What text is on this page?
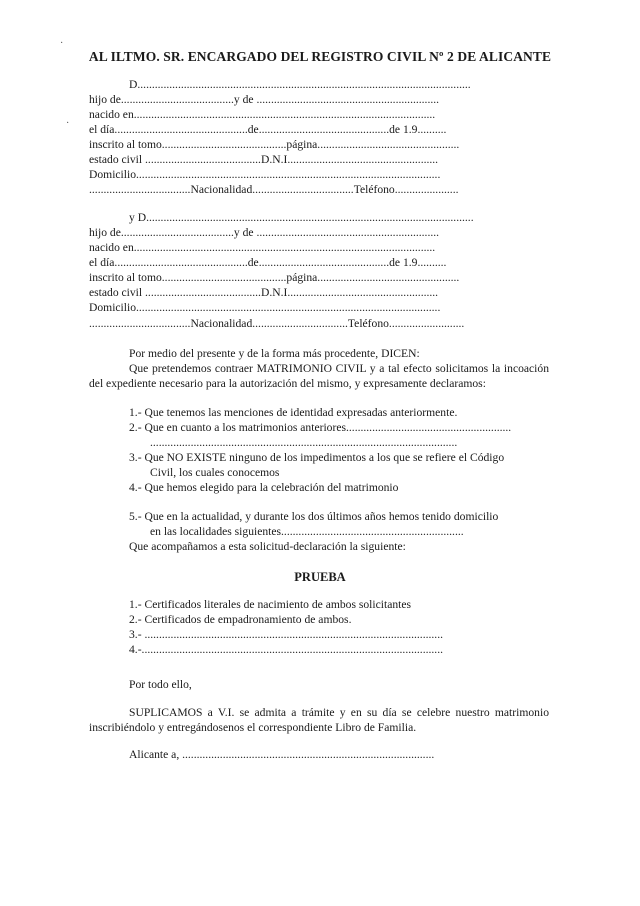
·
·
AL ILTMO. SR. ENCARGADO DEL REGISTRO CIVIL Nº 2 DE ALICANTE
D...................................................................................................................
hijo de.......................................y de ...............................................................
nacido en........................................................................................................
el día..............................................de.............................................de 1.9..........
inscrito al tomo...........................................página.................................................
estado civil ........................................D.N.I....................................................
Domicilio.........................................................................................................
...................................Nacionalidad...................................Teléfono......................
y D.................................................................................................................
hijo de.......................................y de ...............................................................
nacido en........................................................................................................
el día..............................................de.............................................de 1.9..........
inscrito al tomo...........................................página.................................................
estado civil ........................................D.N.I....................................................
Domicilio.........................................................................................................
...................................Nacionalidad.................................Teléfono..........................
Por medio del presente y de la forma más procedente, DICEN:
Que pretendemos contraer MATRIMONIO CIVIL y a tal efecto solicitamos la incoación del expediente necesario para la autorización del mismo, y expresamente declaramos:
1.- Que tenemos las menciones de identidad expresadas anteriormente.
2.- Que en cuanto a los matrimonios anteriores.........................................................
..........................................................................................................
3.- Que NO EXISTE ninguno de los impedimentos a los que se refiere el Código
Civil, los cuales conocemos
4.- Que hemos elegido para la celebración del matrimonio
5.- Que en la actualidad, y durante los dos últimos años hemos tenido domicilio
en las localidades siguientes...............................................................
Que acompañamos a esta solicitud-declaración la siguiente:
PRUEBA
1.- Certificados literales de nacimiento de ambos solicitantes
2.- Certificados de empadronamiento de ambos.
3.- .......................................................................................................
4.-........................................................................................................
Por todo ello,
SUPLICAMOS a V.I. se admita a trámite y en su día se celebre nuestro matrimonio inscribiéndolo y entregándosenos el correspondiente Libro de Familia.
Alicante a, .......................................................................................
